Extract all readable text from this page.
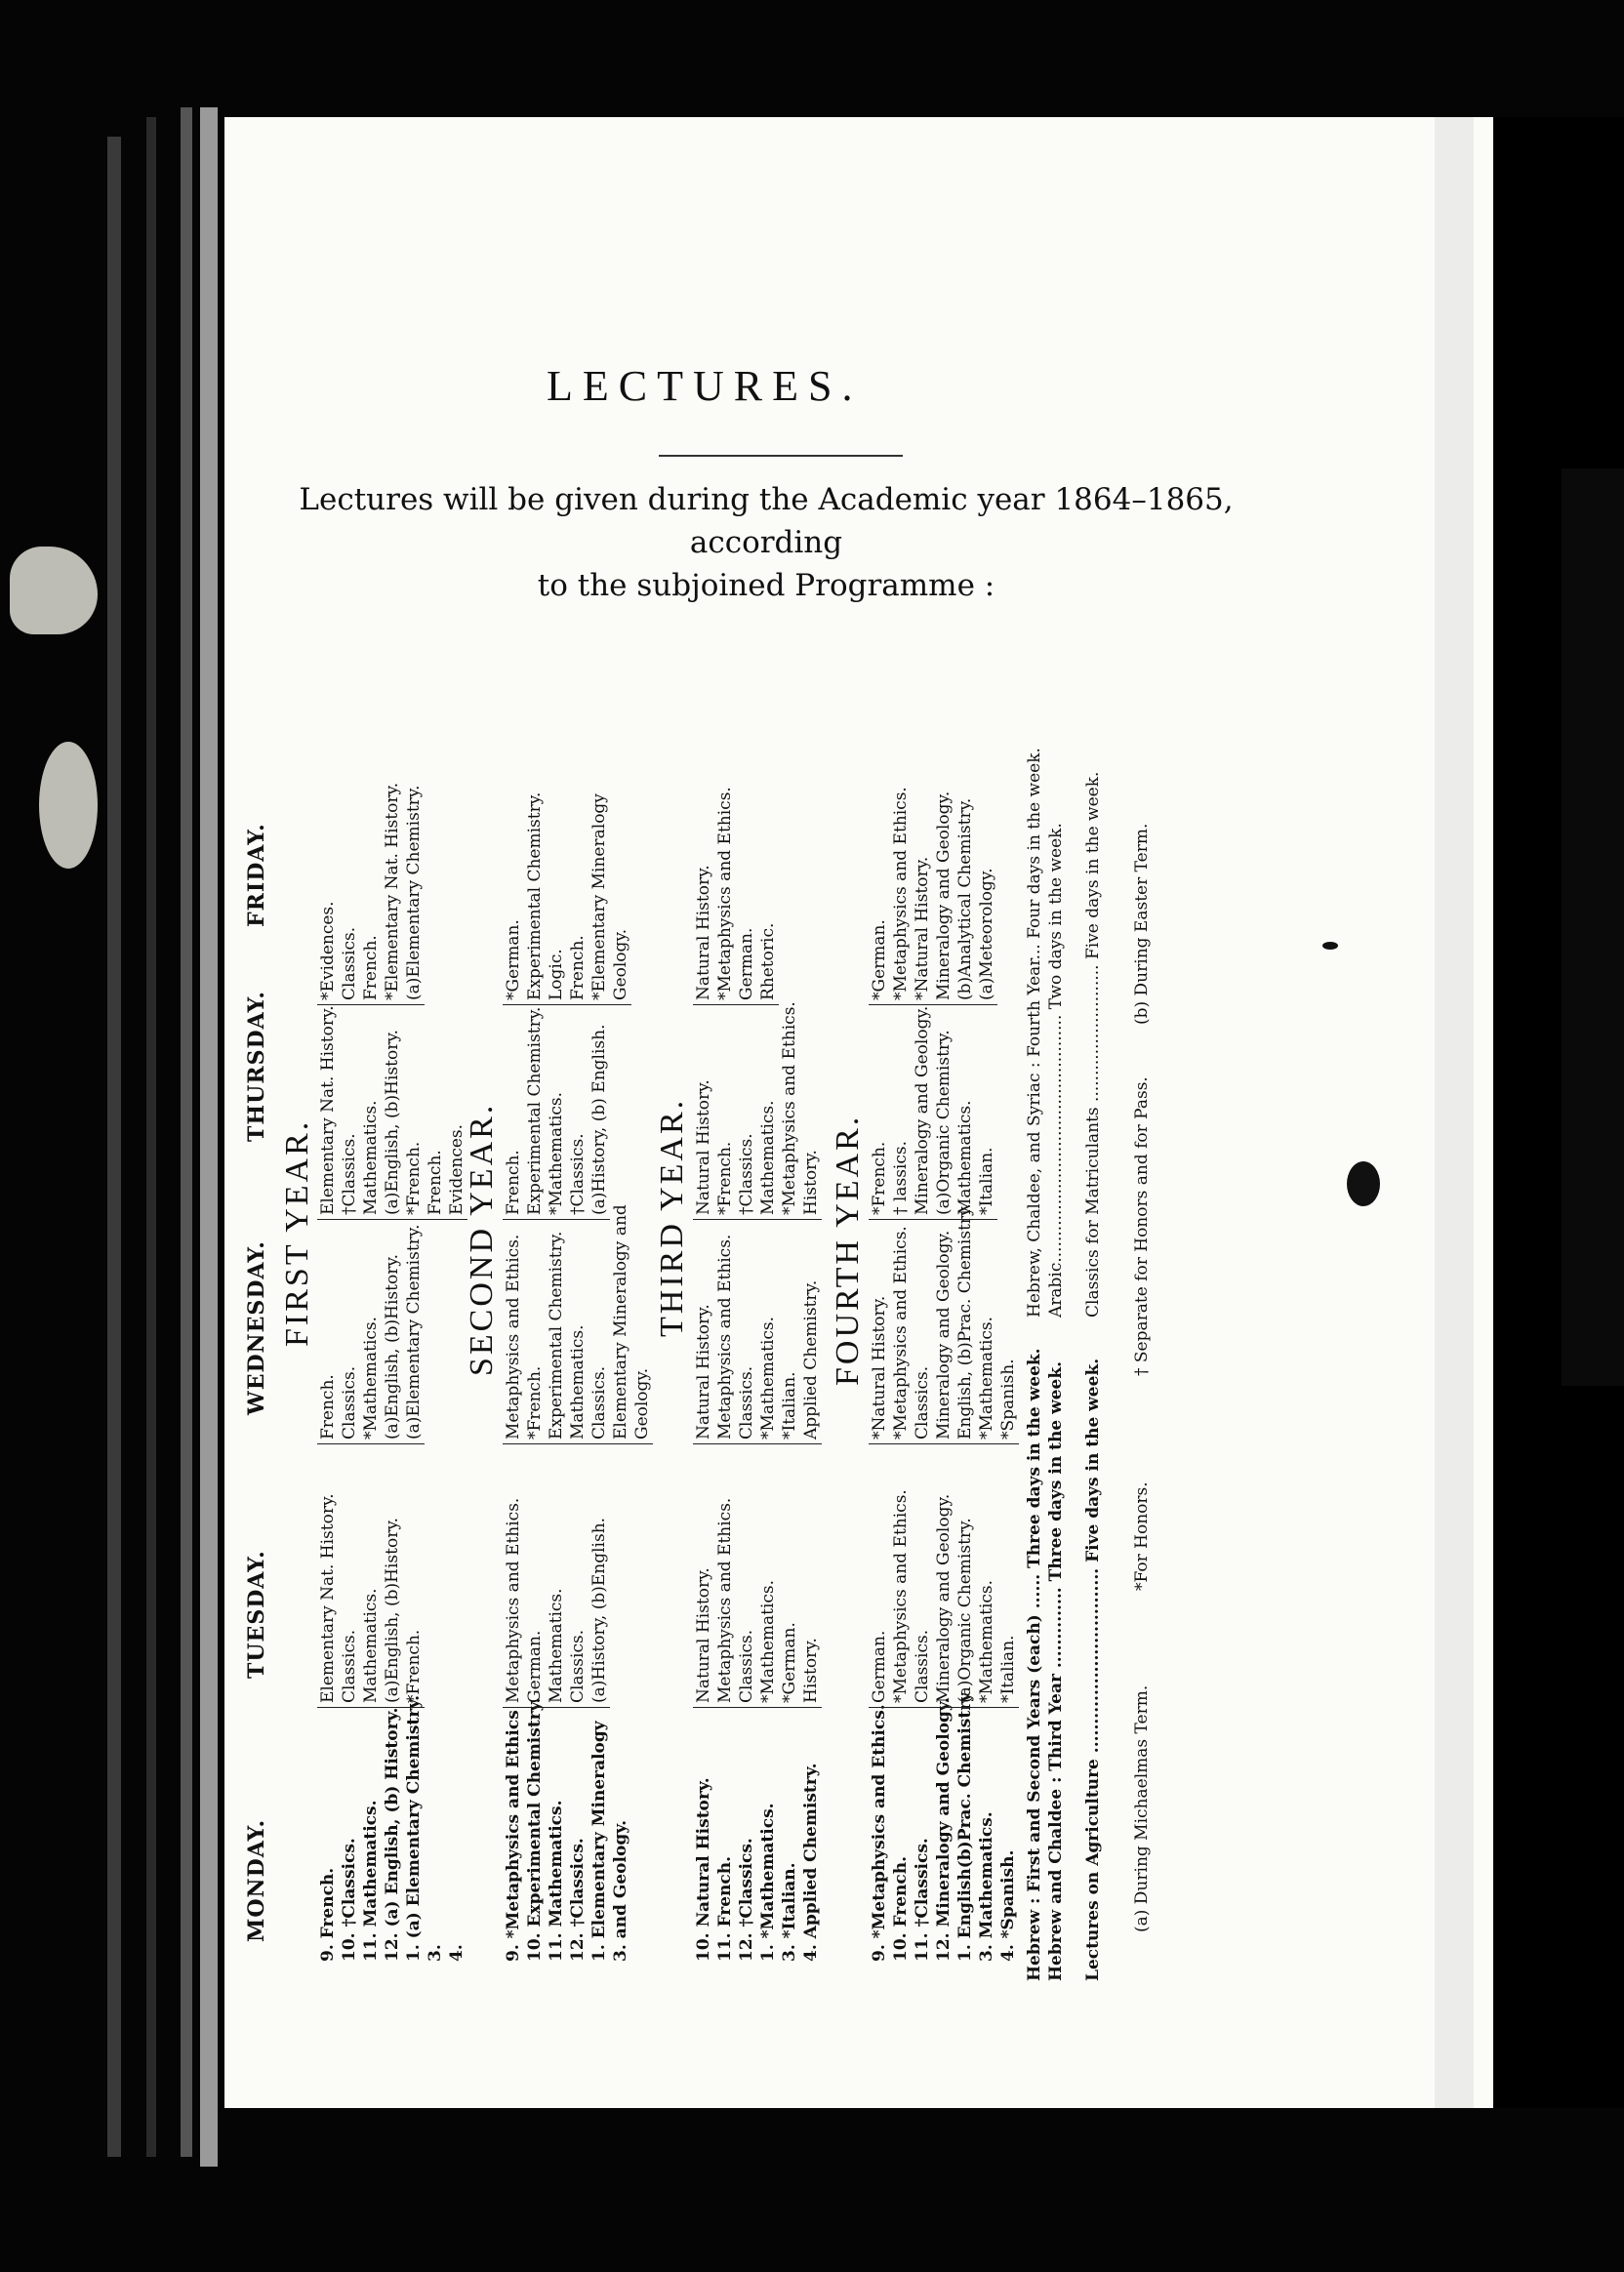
LECTURES.
Lectures will be given during the Academic year 1864–1865, according
to the subjoined Programme :
MONDAY.
TUESDAY.
WEDNESDAY.
THURSDAY.
FRIDAY.
FIRST YEAR.
9. French. 10. †Classics. 11. Mathematics. 12. (a) English, (b) History. 1. (a) Elementary Chemistry. 3. 4.
Elementary Nat. History. Classics. Mathematics. (a)English, (b)History. *French.
French. Classics. *Mathematics. (a)English, (b)History. (a)Elementary Chemistry.
Elementary Nat. History. †Classics. Mathematics. (a)English, (b)History. *French. French. Evidences.
*Evidences. Classics. French. *Elementary Nat. History. (a)Elementary Chemistry.
SECOND YEAR.
9. *Metaphysics and Ethics 10. Experimental Chemistry. 11. Mathematics. 12. †Classics. 1. Elementary Mineralogy 3. and Geology.
Metaphysics and Ethics. German. Mathematics. Classics. (a)History, (b)English.
Metaphysics and Ethics. *French. Experimental Chemistry. Mathematics. Classics. Elementary Mineralogy and Geology.
French. Experimental Chemistry. *Mathematics. †Classics. (a)History, (b) English.
*German. Experimental Chemistry. Logic. French. *Elementary Mineralogy Geology.
THIRD YEAR.
10. Natural History. 11. French. 12. †Classics. 1. *Mathematics. 3. *Italian. 4. Applied Chemistry.
Natural History. Metaphysics and Ethics. Classics. *Mathematics. *German. History.
Natural History. Metaphysics and Ethics. Classics. *Mathematics. *Italian. Applied Chemistry.
Natural History. *French. †Classics. Mathematics. *Metaphysics and Ethics. History.
Natural History. *Metaphysics and Ethics. German. Rhetoric.
FOURTH YEAR.
9. *Metaphysics and Ethics. 10. French. 11. †Classics. 12. Mineralogy and Geology. 1. English(b)Prac. Chemistry 3. Mathematics. 4. *Spanish.
German. *Metaphysics and Ethics. Classics. Mineralogy and Geology. (a)Organic Chemistry. *Mathematics. *Italian.
*Natural History. *Metaphysics and Ethics. Classics. Mineralogy and Geology. English, (b)Prac. Chemistry. *Mathematics. *Spanish.
*French. † lassics. Mineralogy and Geology. (a)Organic Chemistry. Mathematics. *Italian.
*German. *Metaphysics and Ethics. *Natural History. Mineralogy and Geology. (b)Analytical Chemistry. (a)Meteorology.
Hebrew : First and Second Years (each) ...... Three days in the week. Hebrew and Chaldee : Third Year .............. Three days in the week.
Hebrew, Chaldee, and Syriac : Fourth Year... Four days in the week. Arabic............................................... Two days in the week.
Lectures on Agriculture ................................ Five days in the week.
Classics for Matriculants .......................... Five days in the week.
(a) During Michaelmas Term.
*For Honors.
† Separate for Honors and for Pass.
(b) During Easter Term.
